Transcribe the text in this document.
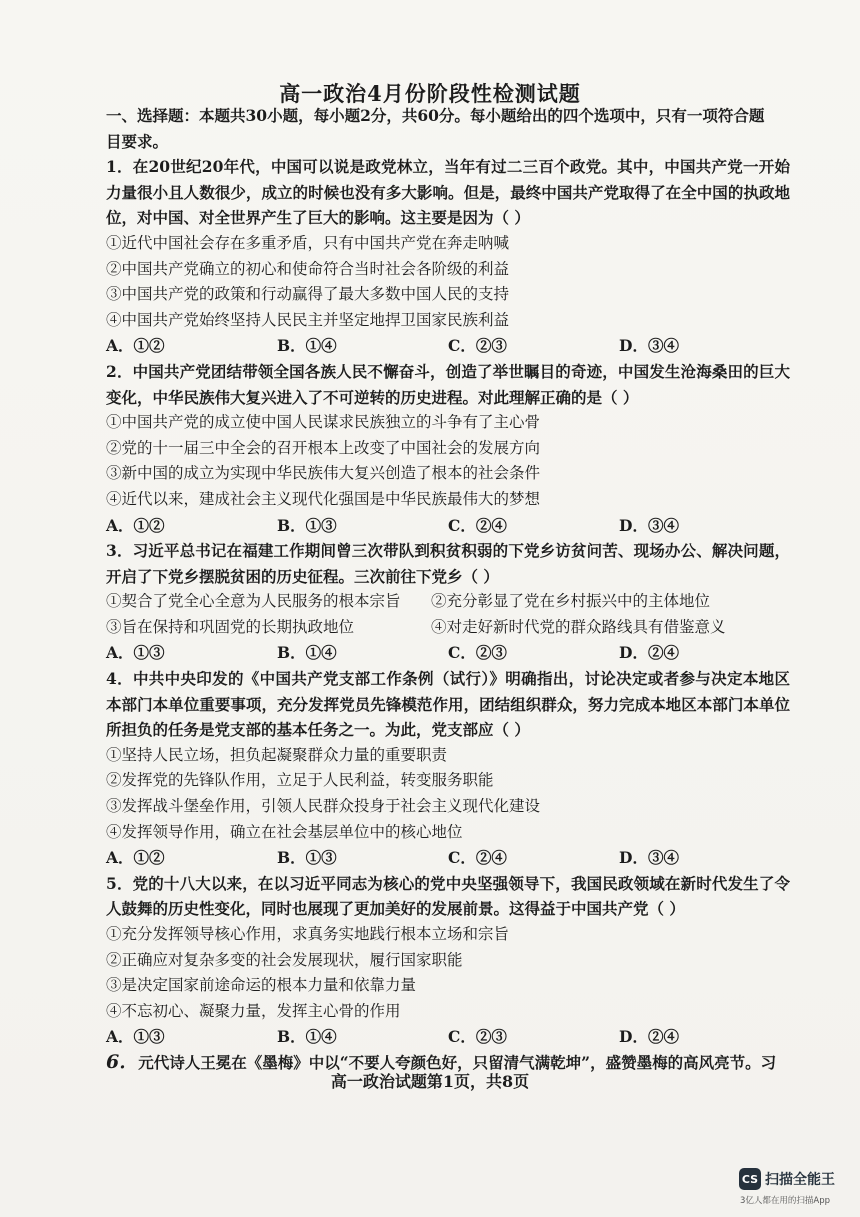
高一政治4月份阶段性检测试题
一、选择题：本题共30小题，每小题2分，共60分。每小题给出的四个选项中，只有一项符合题
目要求。
1．在20世纪20年代，中国可以说是政党林立，当年有过二三百个政党。其中，中国共产党一开始力量很小且人数很少，成立的时候也没有多大影响。但是，最终中国共产党取得了在全中国的执政地位，对中国、对全世界产生了巨大的影响。这主要是因为（ ）
①近代中国社会存在多重矛盾，只有中国共产党在奔走呐喊
②中国共产党确立的初心和使命符合当时社会各阶级的利益
③中国共产党的政策和行动赢得了最大多数中国人民的支持
④中国共产党始终坚持人民民主并坚定地捍卫国家民族利益
A．①②	B．①④	C．②③	D．③④
2．中国共产党团结带领全国各族人民不懈奋斗，创造了举世瞩目的奇迹，中国发生沧海桑田的巨大变化，中华民族伟大复兴进入了不可逆转的历史进程。对此理解正确的是（ ）
①中国共产党的成立使中国人民谋求民族独立的斗争有了主心骨
②党的十一届三中全会的召开根本上改变了中国社会的发展方向
③新中国的成立为实现中华民族伟大复兴创造了根本的社会条件
④近代以来，建成社会主义现代化强国是中华民族最伟大的梦想
A．①②	B．①③	C．②④	D．③④
3．习近平总书记在福建工作期间曾三次带队到积贫积弱的下党乡访贫问苦、现场办公、解决问题，开启了下党乡摆脱贫困的历史征程。三次前往下党乡（ ）
①契合了党全心全意为人民服务的根本宗旨	②充分彰显了党在乡村振兴中的主体地位
③旨在保持和巩固党的长期执政地位	④对走好新时代党的群众路线具有借鉴意义
A．①③	B．①④	C．②③	D．②④
4．中共中央印发的《中国共产党支部工作条例（试行）》明确指出，讨论决定或者参与决定本地区本部门本单位重要事项，充分发挥党员先锋模范作用，团结组织群众，努力完成本地区本部门本单位所担负的任务是党支部的基本任务之一。为此，党支部应（ ）
①坚持人民立场，担负起凝聚群众力量的重要职责
②发挥党的先锋队作用，立足于人民利益，转变服务职能
③发挥战斗堡垒作用，引领人民群众投身于社会主义现代化建设
④发挥领导作用，确立在社会基层单位中的核心地位
A．①②	B．①③	C．②④	D．③④
5．党的十八大以来，在以习近平同志为核心的党中央坚强领导下，我国民政领域在新时代发生了令人鼓舞的历史性变化，同时也展现了更加美好的发展前景。这得益于中国共产党（ ）
①充分发挥领导核心作用，求真务实地践行根本立场和宗旨
②正确应对复杂多变的社会发展现状，履行国家职能
③是决定国家前途命运的根本力量和依靠力量
④不忘初心、凝聚力量，发挥主心骨的作用
A．①③	B．①④	C．②③	D．②④
6．元代诗人王冕在《墨梅》中以“不要人夸颜色好，只留清气满乾坤”，盛赞墨梅的高风亮节。习
高一政治试题第1页，共8页
CS 扫描全能王
3亿人都在用的扫描App
